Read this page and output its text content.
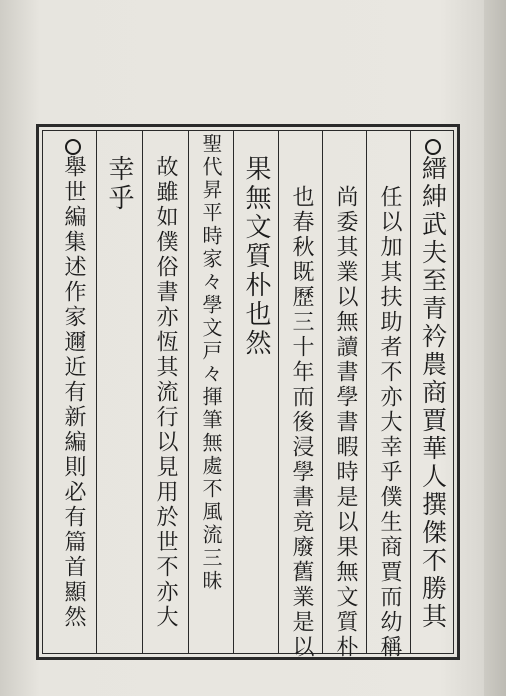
縉紳武夫至青衿農商賈華人撰傑不勝其
任以加其扶助者不亦大幸乎僕生商賈而幼稱
尚委其業以無讀書學書暇時是以果無文質朴
也春秋既歷三十年而後浸學書竟廢舊業是以
果無文質朴也然
聖代昇平時家々學文戸々揮筆無處不風流三昧
故雖如僕俗書亦恆其流行以見用於世不亦大
幸乎
舉世編集述作家邇近有新編則必有篇首顯然
